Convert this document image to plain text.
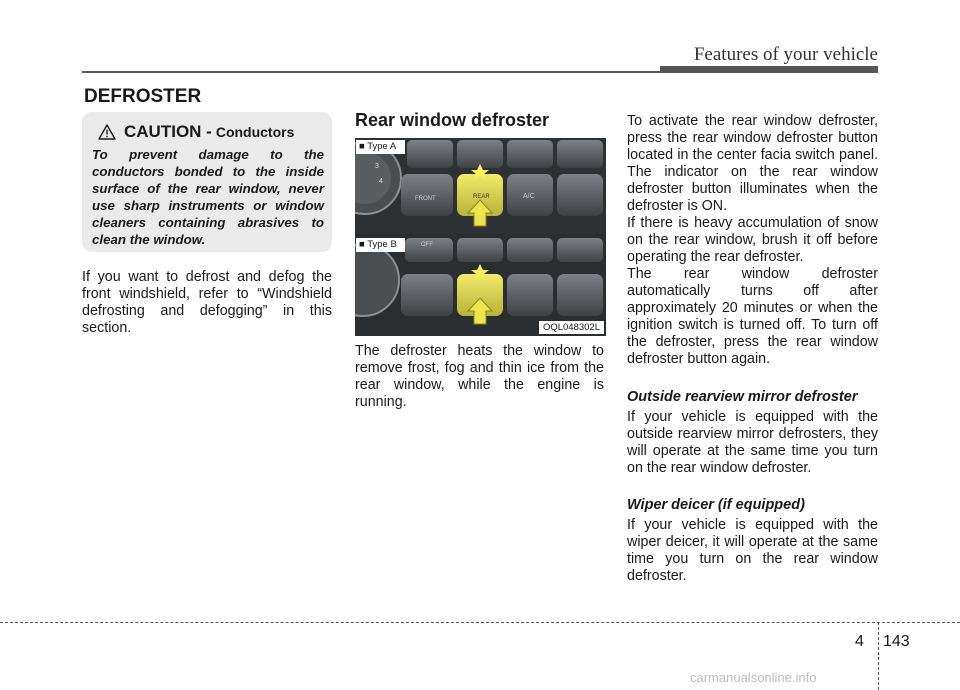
Features of your vehicle
DEFROSTER
CAUTION - Conductors
To prevent damage to the conductors bonded to the inside surface of the rear window, never use sharp instruments or window cleaners containing abrasives to clean the window.

If you want to defrost and defog the front windshield, refer to “Windshield defrosting and defogging” in this section.

Rear window defroster
3
4
FRONT	REAR	A/C
OFF
■ Type A
■ Type B
OQL048302L

The defroster heats the window to remove frost, fog and thin ice from the rear window, while the engine is running.

To activate the rear window defroster, press the rear window defroster button located in the center facia switch panel. The indicator on the rear window defroster button illuminates when the defroster is ON.

If there is heavy accumulation of snow on the rear window, brush it off before operating the rear defroster.

The rear window defroster automatically turns off after approximately 20 minutes or when the ignition switch is turned off. To turn off the defroster, press the rear window defroster button again.

Outside rearview mirror defroster

If your vehicle is equipped with the outside rearview mirror defrosters, they will operate at the same time you turn on the rear window defroster.

Wiper deicer (if equipped)

If your vehicle is equipped with the wiper deicer, it will operate at the same time you turn on the rear window defroster.

4 143
carmanualsonline.info
